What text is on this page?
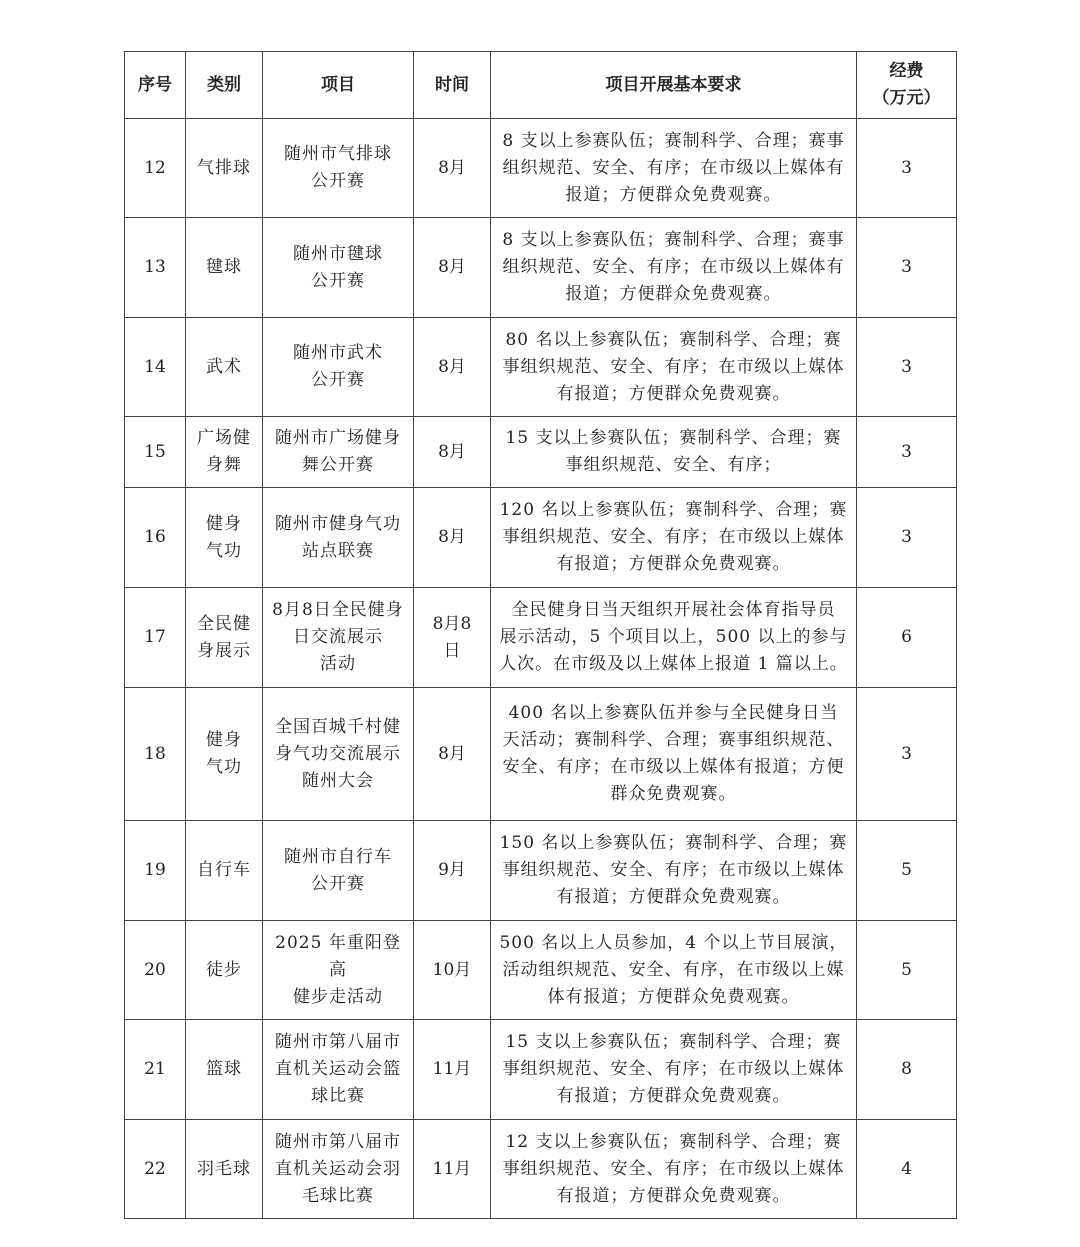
序号	类别	项目	时间	项目开展基本要求	经费
（万元）

12	气排球	随州市气排球
公开赛	8月	8 支以上参赛队伍；赛制科学、合理；赛事
组织规范、安全、有序；在市级以上媒体有
报道；方便群众免费观赛。	3
13	毽球	随州市毽球
公开赛	8月	8 支以上参赛队伍；赛制科学、合理；赛事
组织规范、安全、有序；在市级以上媒体有
报道；方便群众免费观赛。	3
14	武术	随州市武术
公开赛	8月	80 名以上参赛队伍；赛制科学、合理；赛
事组织规范、安全、有序；在市级以上媒体
有报道；方便群众免费观赛。	3
15	广场健
身舞	随州市广场健身
舞公开赛	8月	15 支以上参赛队伍；赛制科学、合理；赛
事组织规范、安全、有序；	3
16	健身
气功	随州市健身气功
站点联赛	8月	120 名以上参赛队伍；赛制科学、合理；赛
事组织规范、安全、有序；在市级以上媒体
有报道；方便群众免费观赛。	3
17	全民健
身展示	8月8日全民健身
日交流展示
活动	8月8
日	全民健身日当天组织开展社会体育指导员
展示活动，5 个项目以上，500 以上的参与
人次。在市级及以上媒体上报道 1 篇以上。	6
18	健身
气功	全国百城千村健
身气功交流展示
随州大会	8月	400 名以上参赛队伍并参与全民健身日当
天活动；赛制科学、合理；赛事组织规范、
安全、有序；在市级以上媒体有报道；方便
群众免费观赛。	3
19	自行车	随州市自行车
公开赛	9月	150 名以上参赛队伍；赛制科学、合理；赛
事组织规范、安全、有序；在市级以上媒体
有报道；方便群众免费观赛。	5
20	徒步	2025 年重阳登高
健步走活动	10月	500 名以上人员参加，4 个以上节目展演，
活动组织规范、安全、有序，在市级以上媒
体有报道；方便群众免费观赛。	5
21	篮球	随州市第八届市
直机关运动会篮
球比赛	11月	15 支以上参赛队伍；赛制科学、合理；赛
事组织规范、安全、有序；在市级以上媒体
有报道；方便群众免费观赛。	8
22	羽毛球	随州市第八届市
直机关运动会羽
毛球比赛	11月	12 支以上参赛队伍；赛制科学、合理；赛
事组织规范、安全、有序；在市级以上媒体
有报道；方便群众免费观赛。	4
